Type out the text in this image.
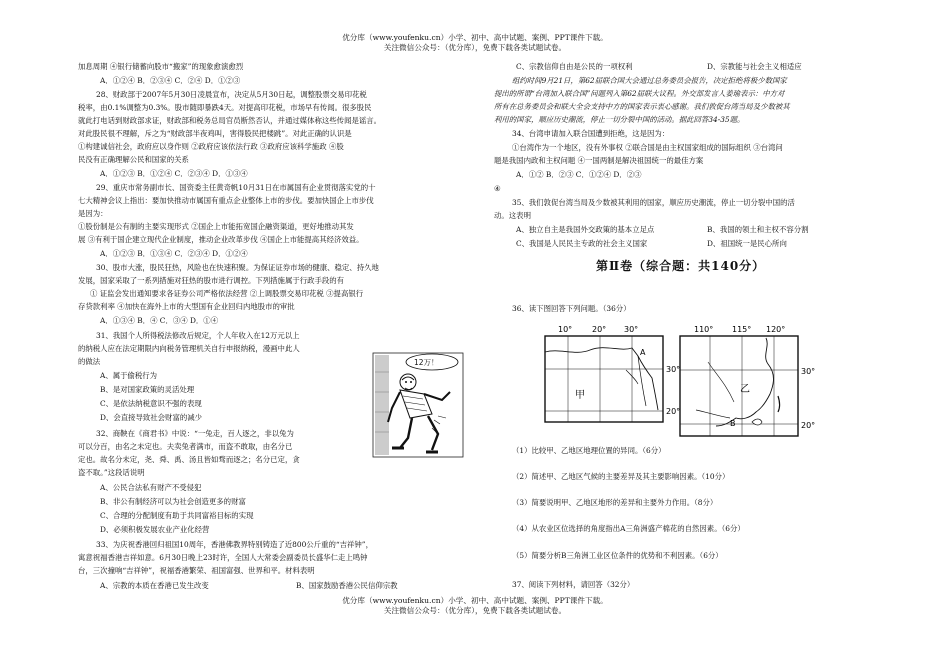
优分库（www.youfenku.cn）小学、初中、高中试题、案例、PPT课件下载。
关注微信公众号：（优分库），免费下载各类试题试卷。
加息周期 ④银行储蓄向股市“搬家”的现象愈演愈烈
A．①②④ B．②③④ C．②④ D．①②③
28、财政部于2007年5月30日凌晨宣布，决定从5月30日起，调整股票交易印花税
税率，由0.1%调整为0.3%。股市随即暴跌4天。对提高印花税，市场早有传闻。很多股民
就此打电话到财政部求证，财政部和税务总局官员断然否认，并通过媒体称这些传闻是谣言。
对此股民很不理解，斥之为“财政部半夜鸡叫，害得股民把楼跳”。对此正确的认识是
①构建诚信社会，政府应以身作则 ②政府应该依法行政 ③政府应该科学施政 ④股
民没有正确理解公民和国家的关系
A．①②③ B．①②④ C．②③④ D．①③④
29、重庆市常务副市长、国资委主任黄奇帆10月31日在市属国有企业贯彻落实党的十
七大精神会议上指出：要加快推动市属国有重点企业整体上市的步伐。要加快国企上市步伐
是因为：
①股份制是公有制的主要实现形式 ②国企上市能拓宽国企融资渠道，更好地推动其发
展 ③有利于国企建立现代企业制度，推动企业改革步伐 ④国企上市能提高其经济效益。
A．①②③ B．①③④ C．②③④ D．①②④
30、股市大涨，股民狂热，风险也在快速积聚。为保证证券市场的健康、稳定、持久地
发展，国家采取了一系列措施对狂热的股市进行调控。下列措施属于行政手段的有
① 证监会发出通知要求各证券公司严格依法经营 ②上调股票交易印花税 ③提高银行
存贷款利率 ④加快在海外上市的大型国有企业回归内地股市的审批
A．①③④ B．④ C．③④ D．①④
31、我国个人所得税法修改后规定，个人年收入在12万元以上
的纳税人应在法定期限内向税务管理机关自行申报纳税，漫画中此人
的做法
A、属于偷税行为
B、是对国家政策的灵活处理
C、是依法纳税意识不强的表现
D、会直接导致社会财富的减少
32、商鞅在《商君书》中说：“一兔走，百人逐之，非以兔为
可以分百，由名之未定也。夫卖兔者满市，而盗不敢取，由名分已
定也。故名分未定，尧、舜、禹、汤且皆如骛而逐之；名分已定，贪
盗不取。”这段话说明
A、公民合法私有财产不受侵犯
B、非公有制经济可以为社会创造更多的财富
C、合理的分配制度有助于共同富裕目标的实现
D、必须积极发展农业产业化经营
33、为庆祝香港回归祖国10周年，香港佛教界特别铸造了近800公斤重的“吉祥钟”，
寓意祝福香港吉祥如意。6月30日晚上23时许，全国人大常委会副委员长盛华仁走上鸣钟
台，三次撞响“吉祥钟”，祝福香港繁荣、祖国富强、世界和平。材料表明
A、宗教的本质在香港已发生改变	B、国家鼓励香港公民信仰宗教
12万！
C、宗教信仰自由是公民的一项权利	D、宗教能与社会主义相适应
组约时间9月21日，第62届联合国大会通过总务委员会报告，决定拒绝将极少数国家
提出的所谓“台湾加入联合国”问题列入第62届联大议程。外交部发言人姜瑜表示：中方对
所有在总务委员会和联大全会支持中方的国家表示衷心感谢。我们敦促台湾当局及少数被其
利用的国家，顺应历史潮流，停止一切分裂中国的活动。据此回答34-35题。
34、台湾申请加入联合国遭到拒绝，这是因为：
①台湾作为一个地区，没有外事权 ②联合国是由主权国家组成的国际组织 ③台湾问
题是我国内政和主权问题 ④一国两制是解决祖国统一的最佳方案
A．①② B．②③ C．①②④ D．②③
④
35、我们敦促台湾当局及少数被其利用的国家，顺应历史潮流，停止一切分裂中国的活
动。这表明
A、独立自主是我国外交政策的基本立足点	B、我国的领土和主权不容分割
C、我国是人民民主专政的社会主义国家	D、祖国统一是民心所向
第Ⅱ卷（综合题：共140分）
36、读下图回答下列问题。（36分）
10° 20° 30°
30°
20°
甲
A
110° 115° 120°
30°
20°
乙
B
（1）比较甲、乙地区地理位置的异同。（6分）
（2）简述甲、乙地区气候的主要差异及其主要影响因素。（10分）
（3）简要说明甲、乙地区地形的差异和主要外力作用。（8分）
（4）从农业区位选择的角度指出A三角洲盛产棉花的自然因素。（6分）
（5）简要分析B三角洲工业区位条件的优势和不利因素。（6分）
37、阅读下列材料，请回答（32分）
优分库（www.youfenku.cn）小学、初中、高中试题、案例、PPT课件下载。
关注微信公众号：（优分库），免费下载各类试题试卷。
